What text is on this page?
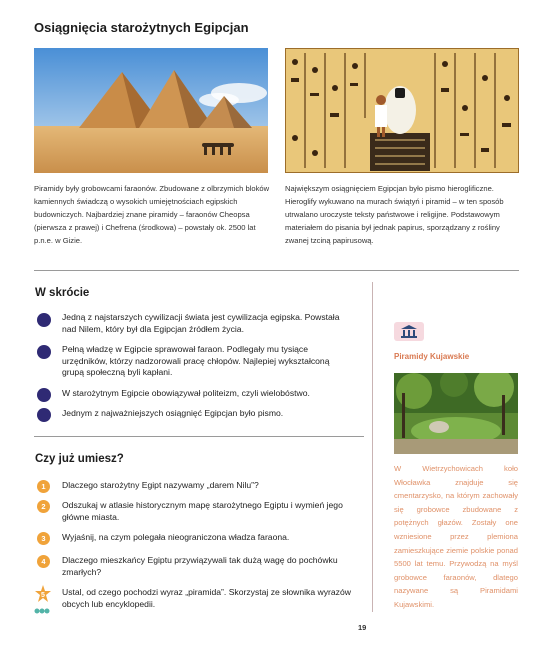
Osiągnięcia starożytnych Egipcjan
Piramidy były grobowcami faraonów. Zbudowane z olbrzymich bloków kamiennych świadczą o wysokich umiejętnościach egipskich budowniczych. Najbardziej znane piramidy – faraonów Cheopsa (pierwsza z prawej) i Chefrena (środkowa) – powstały ok. 2500 lat p.n.e. w Gizie.
Największym osiągnięciem Egipcjan było pismo hieroglificzne. Hieroglify wykuwano na murach świątyń i piramid – w ten sposób utrwalano uroczyste teksty państwowe i religijne. Podstawowym materiałem do pisania był jednak papirus, sporządzany z rośliny zwanej tzciną papirusową.
W skrócie
Jedną z najstarszych cywilizacji świata jest cywilizacja egipska. Powstała nad Nilem, który był dla Egipcjan źródłem życia.
Pełną władzę w Egipcie sprawował faraon. Podlegały mu tysiące urzędników, którzy nadzorowali pracę chłopów. Najlepiej wykształconą grupą społeczną byli kapłani.
W starożytnym Egipcie obowiązywał politeizm, czyli wielobóstwo.
Jednym z najważniejszych osiągnięć Egipcjan było pismo.
Czy już umiesz?
1	Dlaczego starożytny Egipt nazywamy „darem Nilu”?
2	Odszukaj w atlasie historycznym mapę starożytnego Egiptu i wymień jego główne miasta.
3	Wyjaśnij, na czym polegała nieograniczona władza faraona.
4	Dlaczego mieszkańcy Egiptu przywiązywali tak dużą wagę do pochówku zmarłych?
5 Ustal, od czego pochodzi wyraz „piramida”. Skorzystaj ze słownika wyrazów obcych lub encyklopedii.
Piramidy Kujawskie
W Wietrzychowicach koło Włocławka znajduje się cmentarzysko, na którym zachowały się grobowce zbudowane z potężnych głazów. Zostały one wzniesione przez plemiona zamieszkujące ziemie polskie ponad 5500 lat temu. Przywodzą na myśl grobowce faraonów, dlatego nazywane są Piramidami Kujawskimi.
19
